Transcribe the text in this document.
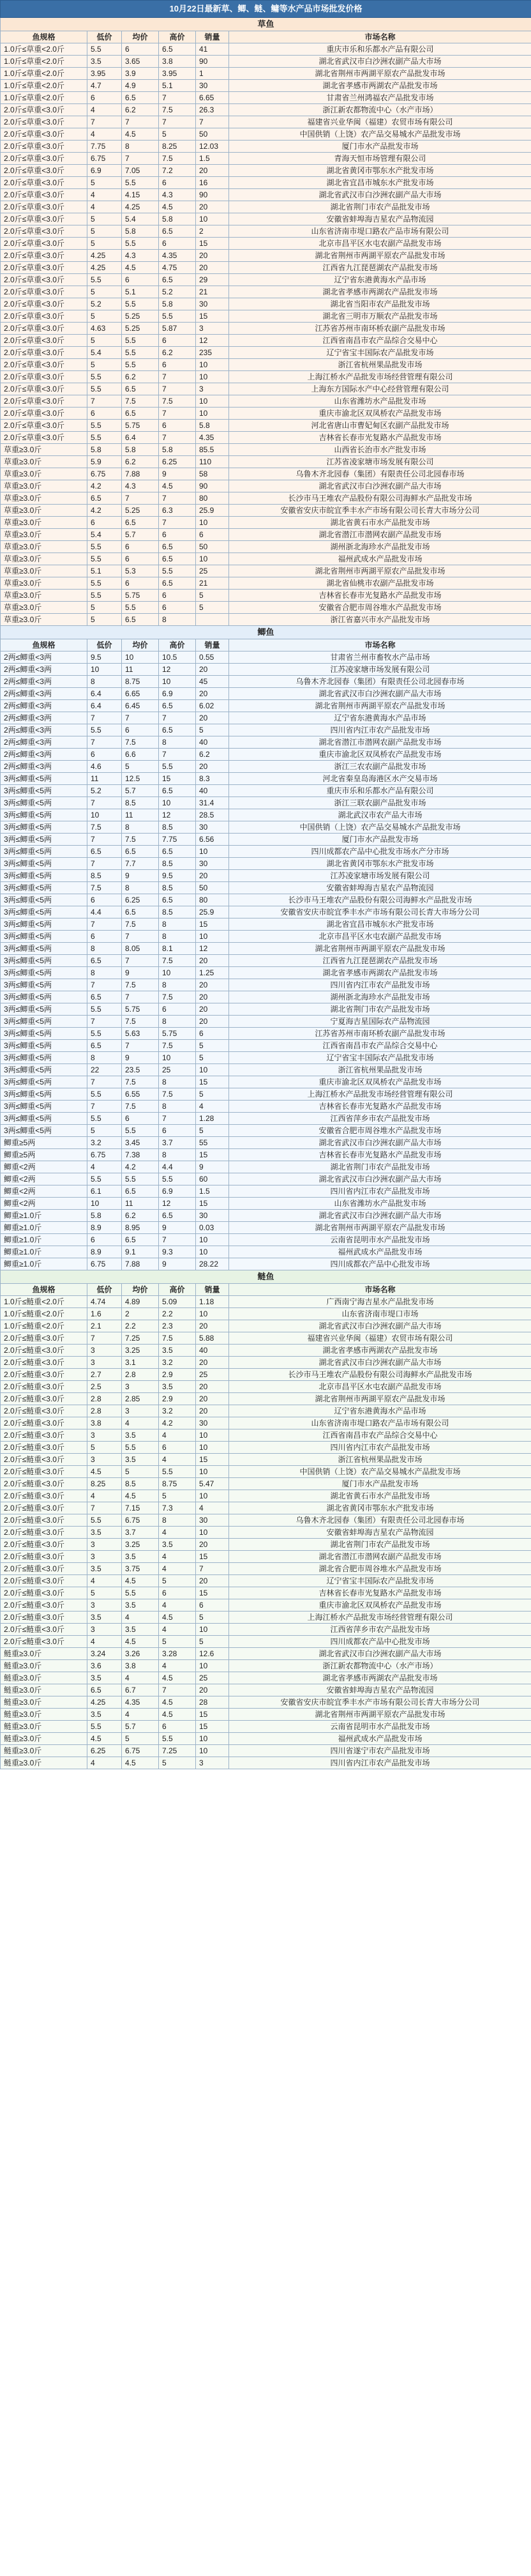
10月22日最新草、鲫、鲢、鳙等水产品市场批发价格					
草鱼					
鱼规格	低价	均价	高价	销量	市场名称
1.0斤≤草重<2.0斤	5.5	6	6.5	41	重庆市乐和乐都水产品有限公司
1.0斤≤草重<2.0斤	3.5	3.65	3.8	90	湖北省武汉市白沙洲农副产品大市场
1.0斤≤草重<2.0斤	3.95	3.9	3.95	1	湖北省荆州市两湖平原农产品批发市场
1.0斤≤草重<2.0斤	4.7	4.9	5.1	30	湖北省孝感市两湖农产品批发市场
1.0斤≤草重<2.0斤	6	6.5	7	6.65	甘肃省兰州鸿福农产品批发市场
2.0斤≤草重<3.0斤	4	6.2	7.5	26.3	浙江新农都物流中心（水产市场）
2.0斤≤草重<3.0斤	7	7	7	7	福建省兴业华闽（福建）农贸市场有限公司
2.0斤≤草重<3.0斤	4	4.5	5	50	中国供销（上饶）农产品交易城水产品批发市场
2.0斤≤草重<3.0斤	7.75	8	8.25	12.03	厦门市水产品批发市场
2.0斤≤草重<3.0斤	6.75	7	7.5	1.5	青海天恒市场管理有限公司
2.0斤≤草重<3.0斤	6.9	7.05	7.2	20	湖北省黄冈市鄂东水产批发市场
2.0斤≤草重<3.0斤	5	5.5	6	16	湖北省宜昌市城东水产批发市场
2.0斤≤草重<3.0斤	4	4.15	4.3	90	湖北省武汉市白沙洲农副产品大市场
2.0斤≤草重<3.0斤	4	4.25	4.5	20	湖北省荆门市农产品批发市场
2.0斤≤草重<3.0斤	5	5.4	5.8	10	安徽省蚌埠海吉星农产品物流园
2.0斤≤草重<3.0斤	5	5.8	6.5	2	山东省济南市堤口路农产品市场有限公司
2.0斤≤草重<3.0斤	5	5.5	6	15	北京市昌平区水屯农副产品批发市场
2.0斤≤草重<3.0斤	4.25	4.3	4.35	20	湖北省荆州市两湖平原农产品批发市场
2.0斤≤草重<3.0斤	4.25	4.5	4.75	20	江西省九江琵琶湖农产品批发市场
2.0斤≤草重<3.0斤	5.5	6	6.5	29	辽宁省东港黄海水产品市场
2.0斤≤草重<3.0斤	5	5.1	5.2	21	湖北省孝感市两湖农产品批发市场
2.0斤≤草重<3.0斤	5.2	5.5	5.8	30	湖北省当阳市农产品批发市场
2.0斤≤草重<3.0斤	5	5.25	5.5	15	湖北省三明市万顺农产品批发市场
2.0斤≤草重<3.0斤	4.63	5.25	5.87	3	江苏省苏州市南环桥农副产品批发市场
2.0斤≤草重<3.0斤	5	5.5	6	12	江西省南昌市农产品综合交易中心
2.0斤≤草重<3.0斤	5.4	5.5	6.2	235	辽宁省宝丰国际农产品批发市场
2.0斤≤草重<3.0斤	5	5.5	6	10	浙江省杭州果品批发市场
2.0斤≤草重<3.0斤	5.5	6.2	7	10	上海江桥水产品批发市场经营管理有限公司
2.0斤≤草重<3.0斤	5.5	6.5	7	3	上海东方国际水产中心经营管理有限公司
2.0斤≤草重<3.0斤	7	7.5	7.5	10	山东省潍坊水产品批发市场
2.0斤≤草重<3.0斤	6	6.5	7	10	重庆市渝北区双凤桥农产品批发市场
2.0斤≤草重<3.0斤	5.5	5.75	6	5.8	河北省唐山市曹妃甸区农副产品批发市场
2.0斤≤草重<3.0斤	5.5	6.4	7	4.35	吉林省长春市光复路水产品批发市场
草重≥3.0斤	5.8	5.8	5.8	85.5	山西省长治市水产批发市场
草重≥3.0斤	5.9	6.2	6.25	110	江苏省凌家塘市场发展有限公司
草重≥3.0斤	6.75	7.88	9	58	乌鲁木齐北园春（集团）有限责任公司北园春市场
草重≥3.0斤	4.2	4.3	4.5	90	湖北省武汉市白沙洲农副产品大市场
草重≥3.0斤	6.5	7	7	80	长沙市马王堆农产品股份有限公司海鲜水产品批发市场
草重≥3.0斤	4.2	5.25	6.3	25.9	安徽省安庆市皖宜季丰水产市场有限公司长青大市场分公司
草重≥3.0斤	6	6.5	7	10	湖北省黄石市水产品批发市场
草重≥3.0斤	5.4	5.7	6	6	湖北省潜江市潜网农副产品批发市场
草重≥3.0斤	5.5	6	6.5	50	湖州浙北海珍水产品批发市场
草重≥3.0斤	5.5	6	6.5	10	福州武成水产品批发市场
草重≥3.0斤	5.1	5.3	5.5	25	湖北省荆州市两湖平原农产品批发市场
草重≥3.0斤	5.5	6	6.5	21	湖北省仙桃市农副产品批发市场
草重≥3.0斤	5.5	5.75	6	5	吉林省长春市光复路水产品批发市场
草重≥3.0斤	5	5.5	6	5	安徽省合肥市周谷堆水产品批发市场
草重≥3.0斤	5	6.5	8		浙江省嘉兴市水产品批发市场
鲫鱼					
鱼规格	低价	均价	高价	销量	市场名称
2两≤鲫重<3两	9.5	10	10.5	0.55	甘肃省兰州市畜牧水产品市场
2两≤鲫重<3两	10	11	12	20	江苏凌家塘市场发展有限公司
2两≤鲫重<3两	8	8.75	10	45	乌鲁木齐北园春（集团）有限责任公司北园春市场
2两≤鲫重<3两	6.4	6.65	6.9	20	湖北省武汉市白沙洲农副产品大市场
2两≤鲫重<3两	6.4	6.45	6.5	6.02	湖北省荆州市两湖平原农产品批发市场
2两≤鲫重<3两	7	7	7	20	辽宁省东港黄海水产品市场
2两≤鲫重<3两	5.5	6	6.5	5	四川省内江市农产品批发市场
2两≤鲫重<3两	7	7.5	8	40	湖北省潜江市潜网农副产品批发市场
2两≤鲫重<3两	6	6.6	7	6.2	重庆市渝北区双凤桥农产品批发市场
2两≤鲫重<3两	4.6	5	5.5	20	浙江三农农副产品批发市场
3两≤鲫重<5两	11	12.5	15	8.3	河北省秦皇岛海港区水产交易市场
3两≤鲫重<5两	5.2	5.7	6.5	40	重庆市乐和乐都水产品有限公司
3两≤鲫重<5两	7	8.5	10	31.4	浙江三联农副产品批发市场
3两≤鲫重<5两	10	11	12	28.5	湖北武汉市农产品大市场
3两≤鲫重<5两	7.5	8	8.5	30	中国供销（上饶）农产品交易城水产品批发市场
3两≤鲫重<5两	7	7.5	7.75	6.56	厦门市水产品批发市场
3两≤鲫重<5两	6.5	6.5	6.5	10	四川成都农产品中心批发市场水产分市场
3两≤鲫重<5两	7	7.7	8.5	30	湖北省黄冈市鄂东水产批发市场
3两≤鲫重<5两	8.5	9	9.5	20	江苏凌家塘市场发展有限公司
3两≤鲫重<5两	7.5	8	8.5	50	安徽省蚌埠海吉星农产品物流园
3两≤鲫重<5两	6	6.25	6.5	80	长沙市马王堆农产品股份有限公司海鲜水产品批发市场
3两≤鲫重<5两	4.4	6.5	8.5	25.9	安徽省安庆市皖宜季丰水产市场有限公司长青大市场分公司
3两≤鲫重<5两	7	7.5	8	15	湖北省宜昌市城东水产批发市场
3两≤鲫重<5两	6	7	8	10	北京市昌平区水屯农副产品批发市场
3两≤鲫重<5两	8	8.05	8.1	12	湖北省荆州市两湖平原农产品批发市场
3两≤鲫重<5两	6.5	7	7.5	20	江西省九江琵琶湖农产品批发市场
3两≤鲫重<5两	8	9	10	1.25	湖北省孝感市两湖农产品批发市场
3两≤鲫重<5两	7	7.5	8	20	四川省内江市农产品批发市场
3两≤鲫重<5两	6.5	7	7.5	20	湖州浙北海珍水产品批发市场
3两≤鲫重<5两	5.5	5.75	6	20	湖北省荆门市农产品批发市场
3两≤鲫重<5两	7	7.5	8	20	宁夏海吉星国际农产品物流园
3两≤鲫重<5两	5.5	5.63	5.75	6	江苏省苏州市南环桥农副产品批发市场
3两≤鲫重<5两	6.5	7	7.5	5	江西省南昌市农产品综合交易中心
3两≤鲫重<5两	8	9	10	5	辽宁省宝丰国际农产品批发市场
3两≤鲫重<5两	22	23.5	25	10	浙江省杭州果品批发市场
3两≤鲫重<5两	7	7.5	8	15	重庆市渝北区双凤桥农产品批发市场
3两≤鲫重<5两	5.5	6.55	7.5	5	上海江桥水产品批发市场经营管理有限公司
3两≤鲫重<5两	7	7.5	8	4	吉林省长春市光复路水产品批发市场
3两≤鲫重<5两	5.5	6	7	1.28	江西省萍乡市农产品批发市场
3两≤鲫重<5两	5	5.5	6	5	安徽省合肥市周谷堆水产品批发市场
鲫重≥5两	3.2	3.45	3.7	55	湖北省武汉市白沙洲农副产品大市场
鲫重≥5两	6.75	7.38	8	15	吉林省长春市光复路水产品批发市场
鲫重<2两	4	4.2	4.4	9	湖北省荆门市农产品批发市场
鲫重<2两	5.5	5.5	5.5	60	湖北省武汉市白沙洲农副产品大市场
鲫重<2两	6.1	6.5	6.9	1.5	四川省内江市农产品批发市场
鲫重<2两	10	11	12	15	山东省潍坊水产品批发市场
鲫重≥1.0斤	5.8	6.2	6.5	30	湖北省武汉市白沙洲农副产品大市场
鲫重≥1.0斤	8.9	8.95	9	0.03	湖北省荆州市两湖平原农产品批发市场
鲫重≥1.0斤	6	6.5	7	10	云南省昆明市水产品批发市场
鲫重≥1.0斤	8.9	9.1	9.3	10	福州武成水产品批发市场
鲫重≥1.0斤	6.75	7.88	9	28.22	四川成都农产品中心批发市场
鲢鱼					
鱼规格	低价	均价	高价	销量	市场名称
1.0斤≤鲢重<2.0斤	4.74	4.89	5.09	1.18	广西南宁海吉星水产品批发市场
1.0斤≤鲢重<2.0斤	1.6	2	2.2	10	山东省济南市堤口市场
1.0斤≤鲢重<2.0斤	2.1	2.2	2.3	20	湖北省武汉市白沙洲农副产品大市场
2.0斤≤鲢重<3.0斤	7	7.25	7.5	5.88	福建省兴业华闽（福建）农贸市场有限公司
2.0斤≤鲢重<3.0斤	3	3.25	3.5	40	湖北省孝感市两湖农产品批发市场
2.0斤≤鲢重<3.0斤	3	3.1	3.2	20	湖北省武汉市白沙洲农副产品大市场
2.0斤≤鲢重<3.0斤	2.7	2.8	2.9	25	长沙市马王堆农产品股份有限公司海鲜水产品批发市场
2.0斤≤鲢重<3.0斤	2.5	3	3.5	20	北京市昌平区水屯农副产品批发市场
2.0斤≤鲢重<3.0斤	2.8	2.85	2.9	20	湖北省荆州市两湖平原农产品批发市场
2.0斤≤鲢重<3.0斤	2.8	3	3.2	20	辽宁省东港黄海水产品市场
2.0斤≤鲢重<3.0斤	3.8	4	4.2	30	山东省济南市堤口路农产品市场有限公司
2.0斤≤鲢重<3.0斤	3	3.5	4	10	江西省南昌市农产品综合交易中心
2.0斤≤鲢重<3.0斤	5	5.5	6	10	四川省内江市农产品批发市场
2.0斤≤鲢重<3.0斤	3	3.5	4	15	浙江省杭州果品批发市场
2.0斤≤鲢重<3.0斤	4.5	5	5.5	10	中国供销（上饶）农产品交易城水产品批发市场
2.0斤≤鲢重<3.0斤	8.25	8.5	8.75	5.47	厦门市水产品批发市场
2.0斤≤鲢重<3.0斤	4	4.5	5	10	湖北省黄石市水产品批发市场
2.0斤≤鲢重<3.0斤	7	7.15	7.3	4	湖北省黄冈市鄂东水产批发市场
2.0斤≤鲢重<3.0斤	5.5	6.75	8	30	乌鲁木齐北园春（集团）有限责任公司北园春市场
2.0斤≤鲢重<3.0斤	3.5	3.7	4	10	安徽省蚌埠海吉星农产品物流园
2.0斤≤鲢重<3.0斤	3	3.25	3.5	20	湖北省荆门市农产品批发市场
2.0斤≤鲢重<3.0斤	3	3.5	4	15	湖北省潜江市潜网农副产品批发市场
2.0斤≤鲢重<3.0斤	3.5	3.75	4	7	湖北省合肥市周谷堆水产品批发市场
2.0斤≤鲢重<3.0斤	4	4.5	5	20	辽宁省宝丰国际农产品批发市场
2.0斤≤鲢重<3.0斤	5	5.5	6	15	吉林省长春市光复路水产品批发市场
2.0斤≤鲢重<3.0斤	3	3.5	4	6	重庆市渝北区双凤桥农产品批发市场
2.0斤≤鲢重<3.0斤	3.5	4	4.5	5	上海江桥水产品批发市场经营管理有限公司
2.0斤≤鲢重<3.0斤	3	3.5	4	10	江西省萍乡市农产品批发市场
2.0斤≤鲢重<3.0斤	4	4.5	5	5	四川成都农产品中心批发市场
鲢重≥3.0斤	3.24	3.26	3.28	12.6	湖北省武汉市白沙洲农副产品大市场
鲢重≥3.0斤	3.6	3.8	4	10	浙江新农都物流中心（水产市场）
鲢重≥3.0斤	3.5	4	4.5	25	湖北省孝感市两湖农产品批发市场
鲢重≥3.0斤	6.5	6.7	7	20	安徽省蚌埠海吉星农产品物流园
鲢重≥3.0斤	4.25	4.35	4.5	28	安徽省安庆市皖宜季丰水产市场有限公司长青大市场分公司
鲢重≥3.0斤	3.5	4	4.5	15	湖北省荆州市两湖平原农产品批发市场
鲢重≥3.0斤	5.5	5.7	6	15	云南省昆明市水产品批发市场
鲢重≥3.0斤	4.5	5	5.5	10	福州武成水产品批发市场
鲢重≥3.0斤	6.25	6.75	7.25	10	四川省遂宁市农产品批发市场
鲢重≥3.0斤	4	4.5	5	3	四川省内江市农产品批发市场
